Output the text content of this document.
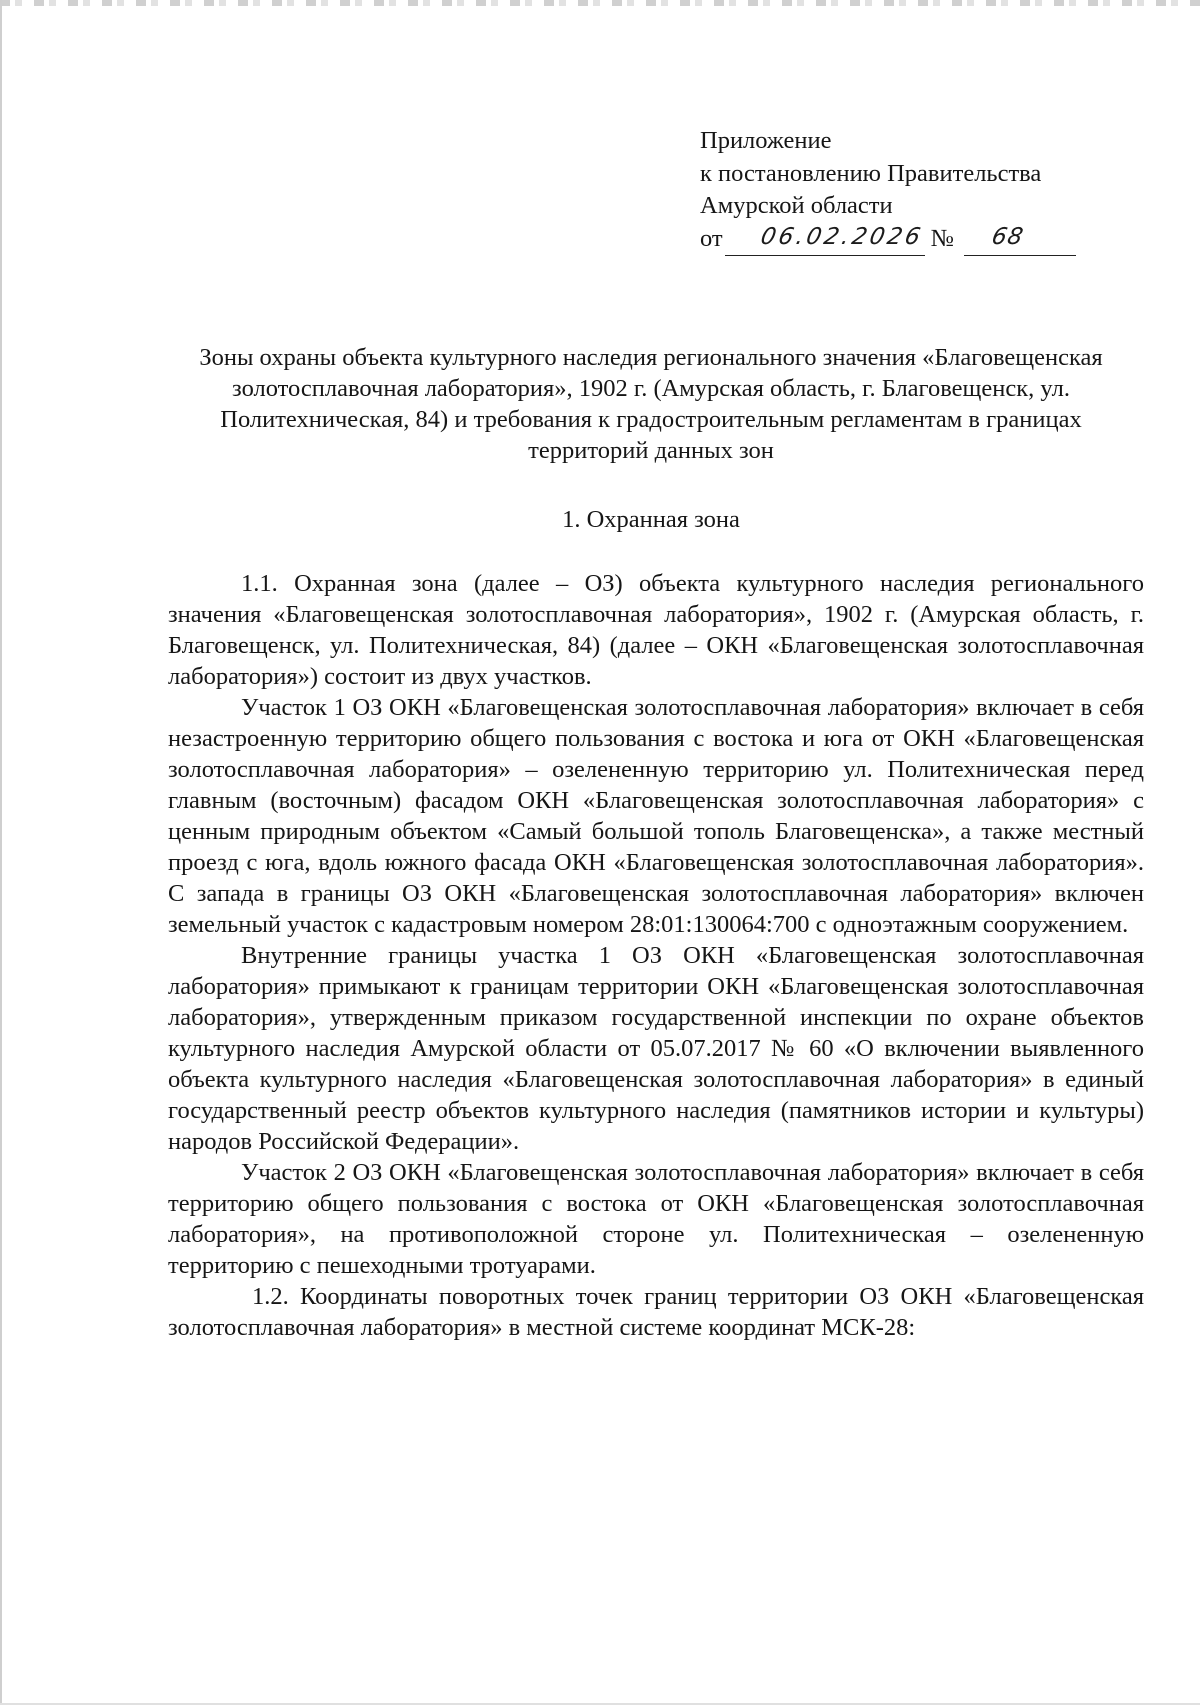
Приложение
к постановлению Правительства
Амурской области
от 06.02.2026 № 68
Зоны охраны объекта культурного наследия регионального значения «Благовещенская золотосплавочная лаборатория», 1902 г. (Амурская область, г. Благовещенск, ул. Политехническая, 84) и требования к градостроительным регламентам в границах территорий данных зон
1. Охранная зона

1.1. Охранная зона (далее – ОЗ) объекта культурного наследия регионального значения «Благовещенская золотосплавочная лаборатория», 1902 г. (Амурская область, г. Благовещенск, ул. Политехническая, 84) (далее – ОКН «Благовещенская золотосплавочная лаборатория») состоит из двух участков.

Участок 1 ОЗ ОКН «Благовещенская золотосплавочная лаборатория» включает в себя незастроенную территорию общего пользования с востока и юга от ОКН «Благовещенская золотосплавочная лаборатория» – озелененную территорию ул. Политехническая перед главным (восточным) фасадом ОКН «Благовещенская золотосплавочная лаборатория» с ценным природным объектом «Самый большой тополь Благовещенска», а также местный проезд с юга, вдоль южного фасада ОКН «Благовещенская золотосплавочная лаборатория». С запада в границы ОЗ ОКН «Благовещенская золотосплавочная лаборатория» включен земельный участок с кадастровым номером 28:01:130064:700 с одноэтажным сооружением.

Внутренние границы участка 1 ОЗ ОКН «Благовещенская золотосплавочная лаборатория» примыкают к границам территории ОКН «Благовещенская золотосплавочная лаборатория», утвержденным приказом государственной инспекции по охране объектов культурного наследия Амурской области от 05.07.2017 № 60 «О включении выявленного объекта культурного наследия «Благовещенская золотосплавочная лаборатория» в единый государственный реестр объектов культурного наследия (памятников истории и культуры) народов Российской Федерации».

Участок 2 ОЗ ОКН «Благовещенская золотосплавочная лаборатория» включает в себя территорию общего пользования с востока от ОКН «Благовещенская золотосплавочная лаборатория», на противоположной стороне ул. Политехническая – озелененную территорию с пешеходными тротуарами.

1.2. Координаты поворотных точек границ территории ОЗ ОКН «Благовещенская золотосплавочная лаборатория» в местной системе координат МСК-28:
